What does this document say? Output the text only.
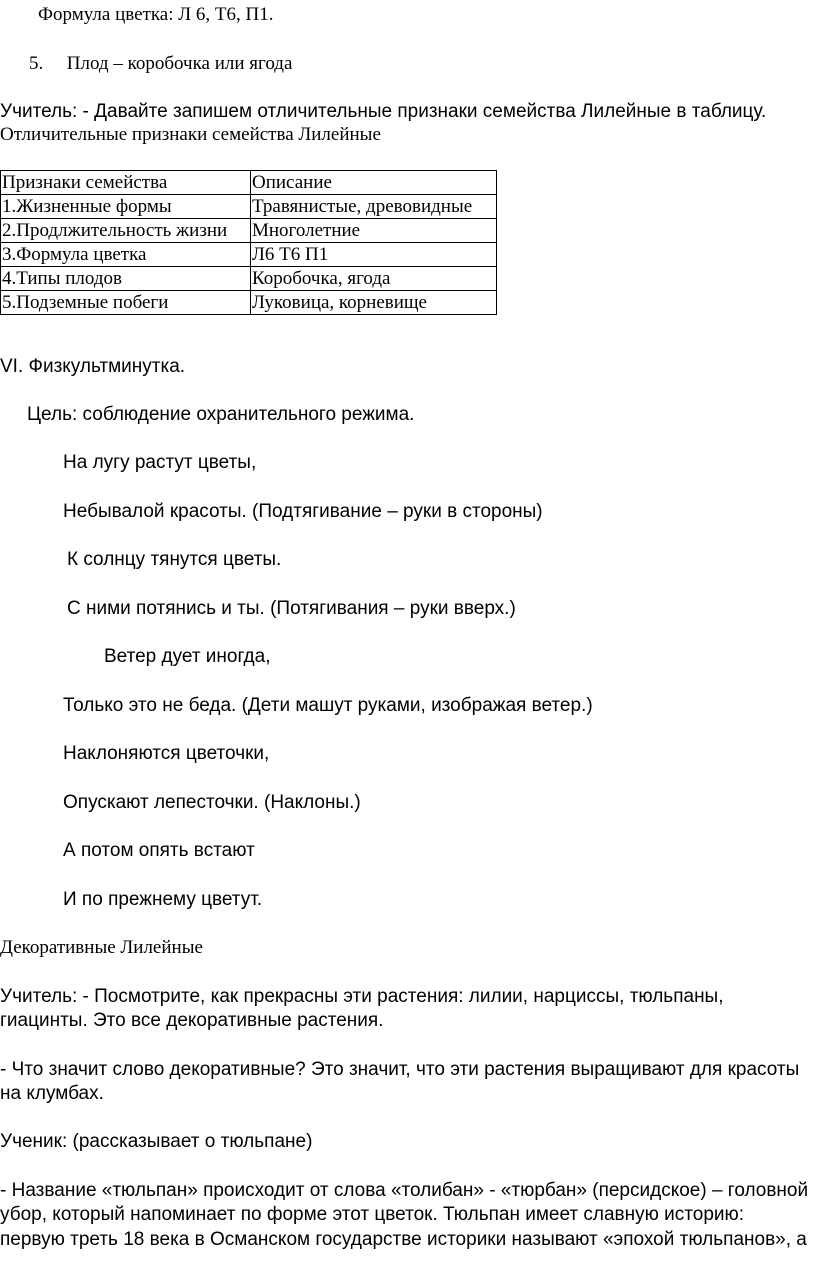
Формула цветка: Л 6, Т6, П1.
5. Плод – коробочка или ягода
Учитель: - Давайте запишем отличительные признаки семейства Лилейные в таблицу.
Отличительные признаки семейства Лилейные
Признаки семейства	Описание
1.Жизненные формы	Травянистые, древовидные
2.Продлжительность жизни	Многолетние
3.Формула цветка	Л6 Т6 П1
4.Типы плодов	Коробочка, ягода
5.Подземные побеги	Луковица, корневище
VI. Физкультминутка.
Цель: соблюдение охранительного режима.
На лугу растут цветы,
Небывалой красоты. (Подтягивание – руки в стороны)
К солнцу тянутся цветы.
С ними потянись и ты. (Потягивания – руки вверх.)
Ветер дует иногда,
Только это не беда. (Дети машут руками, изображая ветер.)
Наклоняются цветочки,
Опускают лепесточки. (Наклоны.)
А потом опять встают
И по прежнему цветут.
Декоративные Лилейные
Учитель: - Посмотрите, как прекрасны эти растения: лилии, нарциссы, тюльпаны,
гиацинты. Это все декоративные растения.
- Что значит слово декоративные? Это значит, что эти растения выращивают для красоты
на клумбах.
Ученик: (рассказывает о тюльпане)
- Название «тюльпан» происходит от слова «толибан» - «тюрбан» (персидское) – головной
убор, который напоминает по форме этот цветок. Тюльпан имеет славную историю:
первую треть 18 века в Османском государстве историки называют «эпохой тюльпанов», а
